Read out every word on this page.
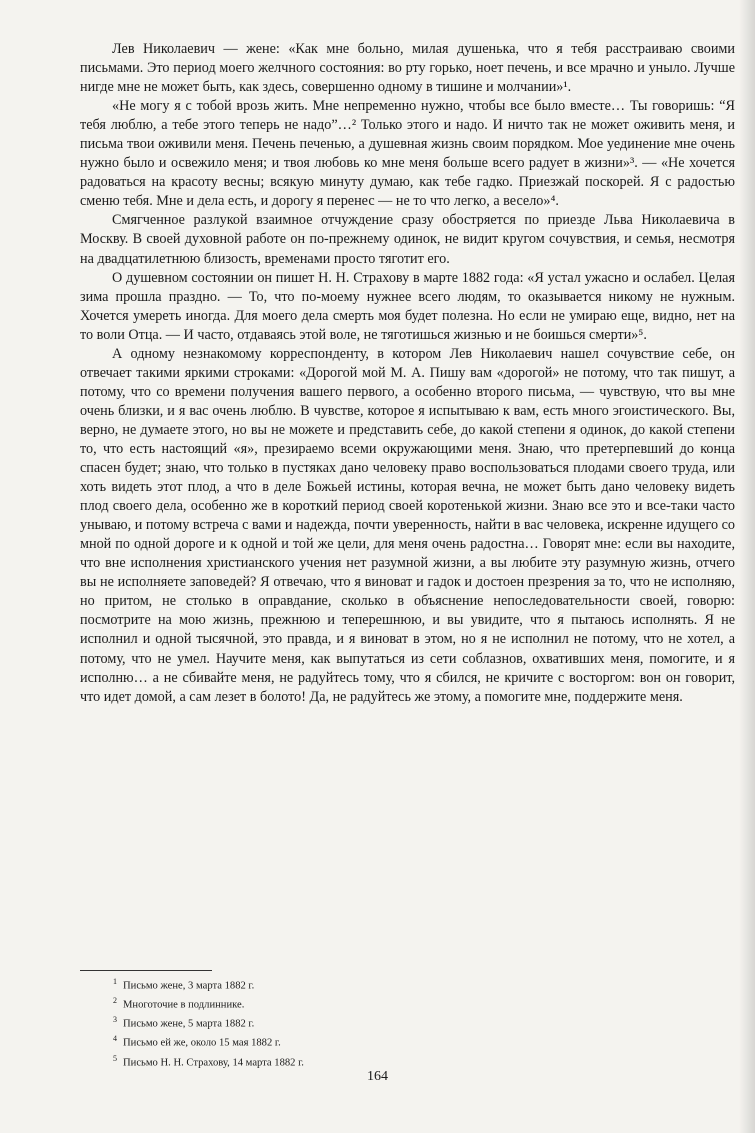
Лев Николаевич — жене: «Как мне больно, милая душенька, что я тебя расстраиваю своими письмами. Это период моего желчного состояния: во рту горько, ноет печень, и все мрачно и уныло. Лучше нигде мне не может быть, как здесь, совершенно одному в тишине и молчании»¹.

«Не могу я с тобой врозь жить. Мне непременно нужно, чтобы все было вместе… Ты говоришь: “Я тебя люблю, а тебе этого теперь не надо”…² Только этого и надо. И ничто так не может оживить меня, и письма твои оживили меня. Печень печенью, а душевная жизнь своим порядком. Мое уединение мне очень нужно было и освежило меня; и твоя любовь ко мне меня больше всего радует в жизни»³. — «Не хочется радоваться на красоту весны; всякую минуту думаю, как тебе гадко. Приезжай поскорей. Я с радостью сменю тебя. Мне и дела есть, и дорогу я перенес — не то что легко, а весело»⁴.

Смягченное разлукой взаимное отчуждение сразу обостряется по приезде Льва Николаевича в Москву. В своей духовной работе он по-прежнему одинок, не видит кругом сочувствия, и семья, несмотря на двадцатилетнюю близость, временами просто тяготит его.

О душевном состоянии он пишет Н. Н. Страхову в марте 1882 года: «Я устал ужасно и ослабел. Целая зима прошла праздно. — То, что по-моему нужнее всего людям, то оказывается никому не нужным. Хочется умереть иногда. Для моего дела смерть моя будет полезна. Но если не умираю еще, видно, нет на то воли Отца. — И часто, отдаваясь этой воле, не тяготишься жизнью и не боишься смерти»⁵.

А одному незнакомому корреспонденту, в котором Лев Николаевич нашел сочувствие себе, он отвечает такими яркими строками: «Дорогой мой М. А. Пишу вам «дорогой» не потому, что так пишут, а потому, что со времени получения вашего первого, а особенно второго письма, — чувствую, что вы мне очень близки, и я вас очень люблю. В чувстве, которое я испытываю к вам, есть много эгоистического. Вы, верно, не думаете этого, но вы не можете и представить себе, до какой степени я одинок, до какой степени то, что есть настоящий «я», презираемо всеми окружающими меня. Знаю, что претерпевший до конца спасен будет; знаю, что только в пустяках дано человеку право воспользоваться плодами своего труда, или хоть видеть этот плод, а что в деле Божьей истины, которая вечна, не может быть дано человеку видеть плод своего дела, особенно же в короткий период своей коротенькой жизни. Знаю все это и все-таки часто унываю, и потому встреча с вами и надежда, почти уверенность, найти в вас человека, искренне идущего со мной по одной дороге и к одной и той же цели, для меня очень радостна… Говорят мне: если вы находите, что вне исполнения христианского учения нет разумной жизни, а вы любите эту разумную жизнь, отчего вы не исполняете заповедей? Я отвечаю, что я виноват и гадок и достоен презрения за то, что не исполняю, но притом, не столько в оправдание, сколько в объяснение непоследовательности своей, говорю: посмотрите на мою жизнь, прежнюю и теперешнюю, и вы увидите, что я пытаюсь исполнять. Я не исполнил и одной тысячной, это правда, и я виноват в этом, но я не исполнил не потому, что не хотел, а потому, что не умел. Научите меня, как выпутаться из сети соблазнов, охвативших меня, помогите, и я исполню… а не сбивайте меня, не радуйтесь тому, что я сбился, не кричите с восторгом: вон он говорит, что идет домой, а сам лезет в болото! Да, не радуйтесь же этому, а помогите мне, поддержите меня.

$^1$ Письмо жене, 3 марта 1882 г.
$^2$ Многоточие в подлиннике.
$^3$ Письмо жене, 5 марта 1882 г.
$^4$ Письмо ей же, около 15 мая 1882 г.
$^5$ Письмо Н. Н. Страхову, 14 марта 1882 г.
164
